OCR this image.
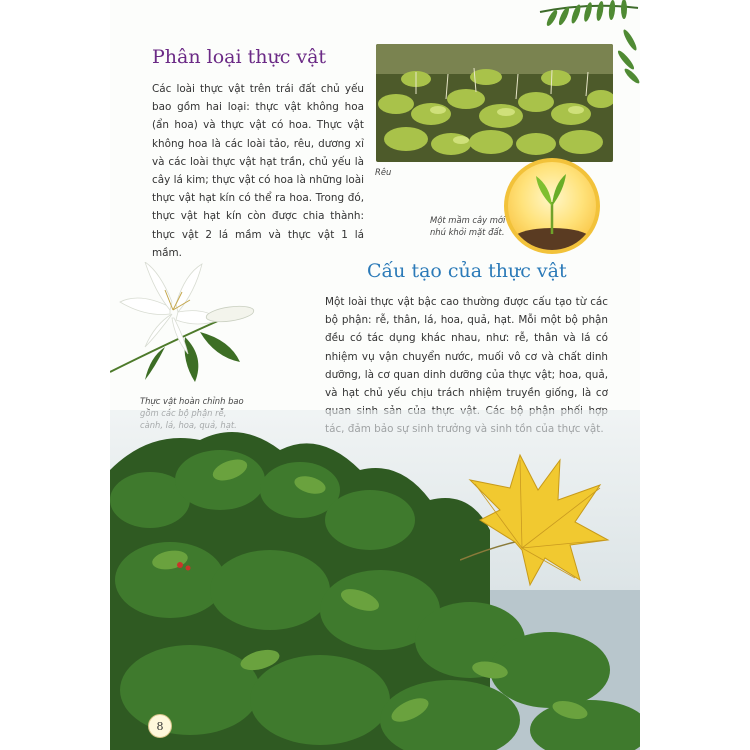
Phân loại thực vật
Các loài thực vật trên trái đất chủ yếu bao gồm hai loại: thực vật không hoa (ẩn hoa) và thực vật có hoa. Thực vật không hoa là các loài tảo, rêu, dương xỉ và các loài thực vật hạt trần, chủ yếu là cây lá kim; thực vật có hoa là những loài thực vật hạt kín có thể ra hoa. Trong đó, thực vật hạt kín còn được chia thành: thực vật 2 lá mầm và thực vật 1 lá mầm.
Rêu
Một mầm cây mới nhú khỏi mặt đất.
Thực vật hoàn chỉnh bao
Cấu tạo của thực vật
Một loài thực vật bậc cao thường được cấu tạo từ các bộ phận: rễ, thân, lá, hoa, quả, hạt. Mỗi một bộ phận đều có tác dụng khác nhau, như: rễ, thân và lá có nhiệm vụ vận chuyển nước, muối vô cơ và chất dinh dưỡng, là cơ quan dinh dưỡng của thực vật; hoa, quả, và hạt chủ yếu chịu trách nhiệm truyền giống, là cơ
8
